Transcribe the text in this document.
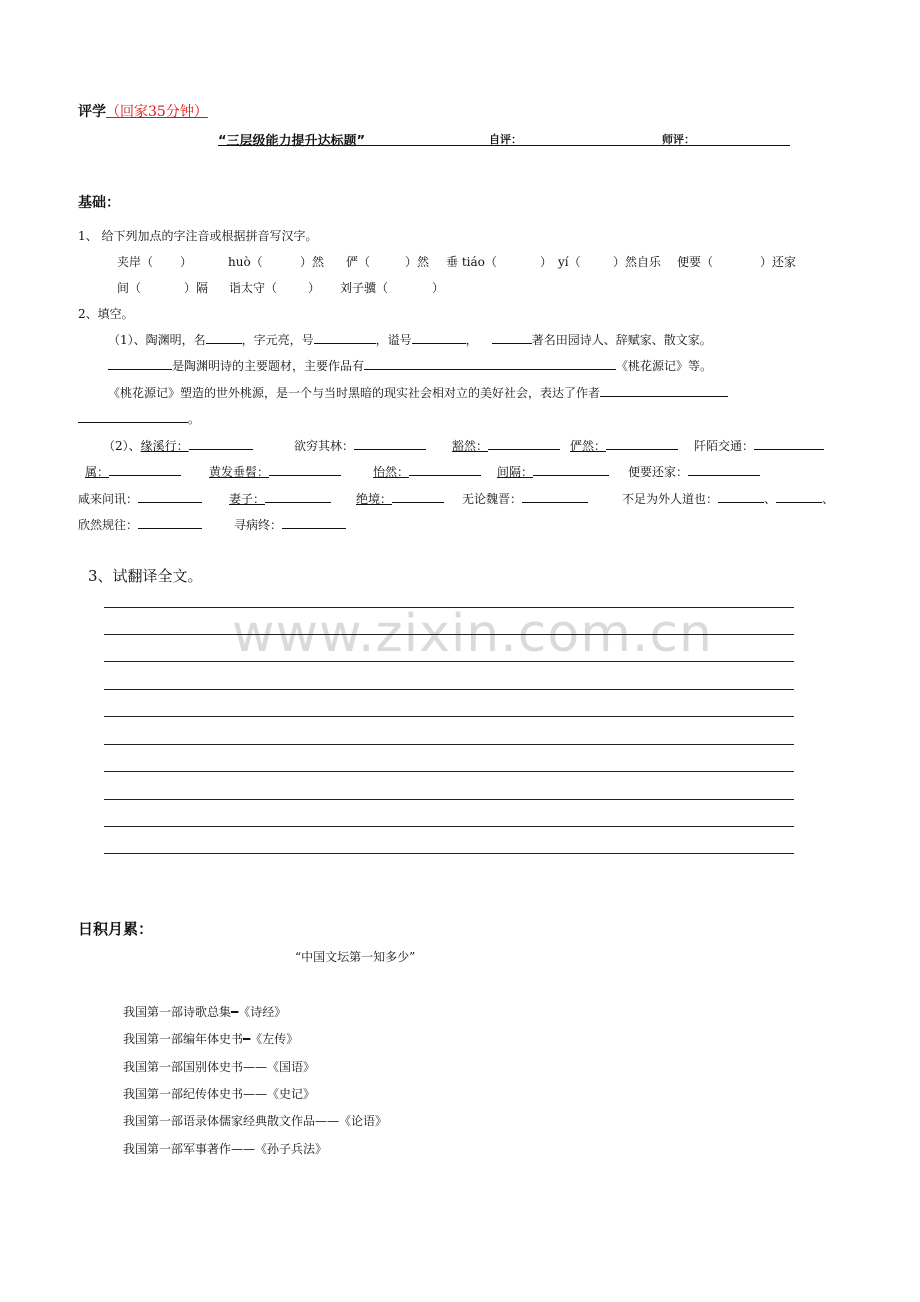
评学（回家35分钟）
“三层级能力提升达标题”	自评：	师评：
基础：
1、 给下列加点的字注音或根据拼音写汉字。
夹岸（ ）	huò（	）然 俨（	）然 垂 tiáo（	） yí（	）然自乐 便要（	）还家
间（	）隔 诣太守（	） 刘子骥（	）
2、填空。
（1）、陶渊明，名	，字元亮，号	，谥号	，	著名田园诗人、辞赋家、散文家。
是陶渊明诗的主要题材，主要作品有	《桃花源记》等。
《桃花源记》塑造的世外桃源，是一个与当时黑暗的现实社会相对立的美好社会，表达了作者
。
（2）、缘溪行：	欲穷其林：	豁然：	俨然：	阡陌交通：
属：	黄发垂髫：	怡然：	间隔：	便要还家：
咸来问讯：	妻子：	绝境：	无论魏晋：	不足为外人道也：	、	、
欣然规往：	寻病终：
3、试翻译全文。
www.zixin.com.cn
日积月累：
“中国文坛第一知多少”
我国第一部诗歌总集━《诗经》
我国第一部编年体史书━《左传》
我国第一部国别体史书——《国语》
我国第一部纪传体史书——《史记》
我国第一部语录体儒家经典散文作品——《论语》
我国第一部军事著作——《孙子兵法》
